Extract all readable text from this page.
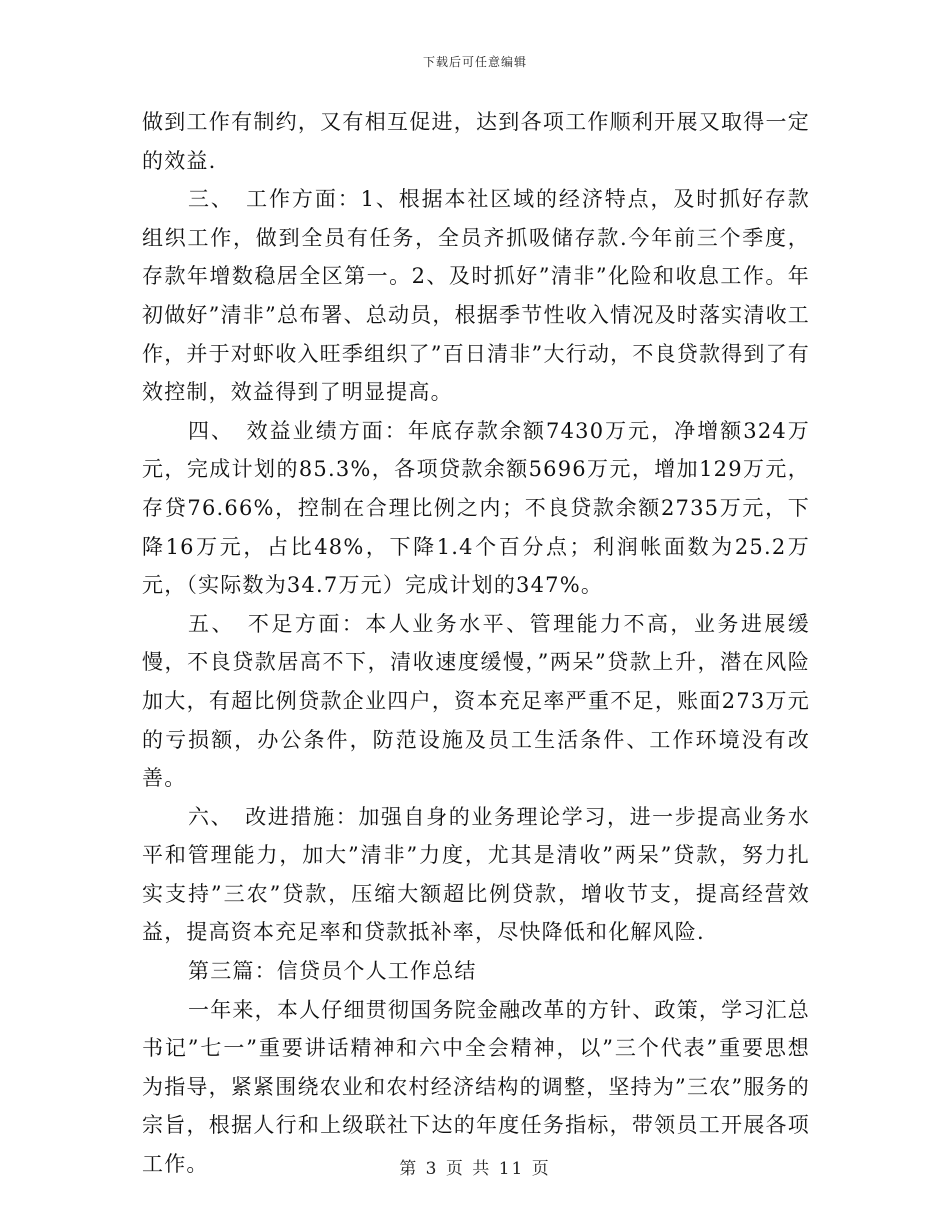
下载后可任意编辑

做到工作有制约，又有相互促进，达到各项工作顺利开展又取得一定的效益.

三、　工作方面：1、根据本社区域的经济特点，及时抓好存款组织工作，做到全员有任务，全员齐抓吸储存款.今年前三个季度，存款年增数稳居全区第一。2、及时抓好”清非”化险和收息工作。年初做好”清非”总布署、总动员，根据季节性收入情况及时落实清收工作，并于对虾收入旺季组织了”百日清非”大行动，不良贷款得到了有效控制，效益得到了明显提高。

四、　效益业绩方面：年底存款余额7430万元，净增额324万元，完成计划的85.3%，各项贷款余额5696万元，增加129万元，存贷76.66%，控制在合理比例之内；不良贷款余额2735万元，下降16万元，占比48%，下降1.4个百分点；利润帐面数为25.2万元，（实际数为34.7万元）完成计划的347%。

五、　不足方面：本人业务水平、管理能力不高，业务进展缓慢，不良贷款居高不下，清收速度缓慢，”两呆”贷款上升，潜在风险加大，有超比例贷款企业四户，资本充足率严重不足，账面273万元的亏损额，办公条件，防范设施及员工生活条件、工作环境没有改善。

六、　改进措施：加强自身的业务理论学习，进一步提高业务水平和管理能力，加大”清非”力度，尤其是清收”两呆”贷款，努力扎实支持”三农”贷款，压缩大额超比例贷款，增收节支，提高经营效益，提高资本充足率和贷款抵补率，尽快降低和化解风险.

第三篇：信贷员个人工作总结

一年来，本人仔细贯彻国务院金融改革的方针、政策，学习汇总书记”七一”重要讲话精神和六中全会精神，以”三个代表”重要思想为指导，紧紧围绕农业和农村经济结构的调整，坚持为”三农”服务的宗旨，根据人行和上级联社下达的年度任务指标，带领员工开展各项工作。	第 3 页 共 11 页
